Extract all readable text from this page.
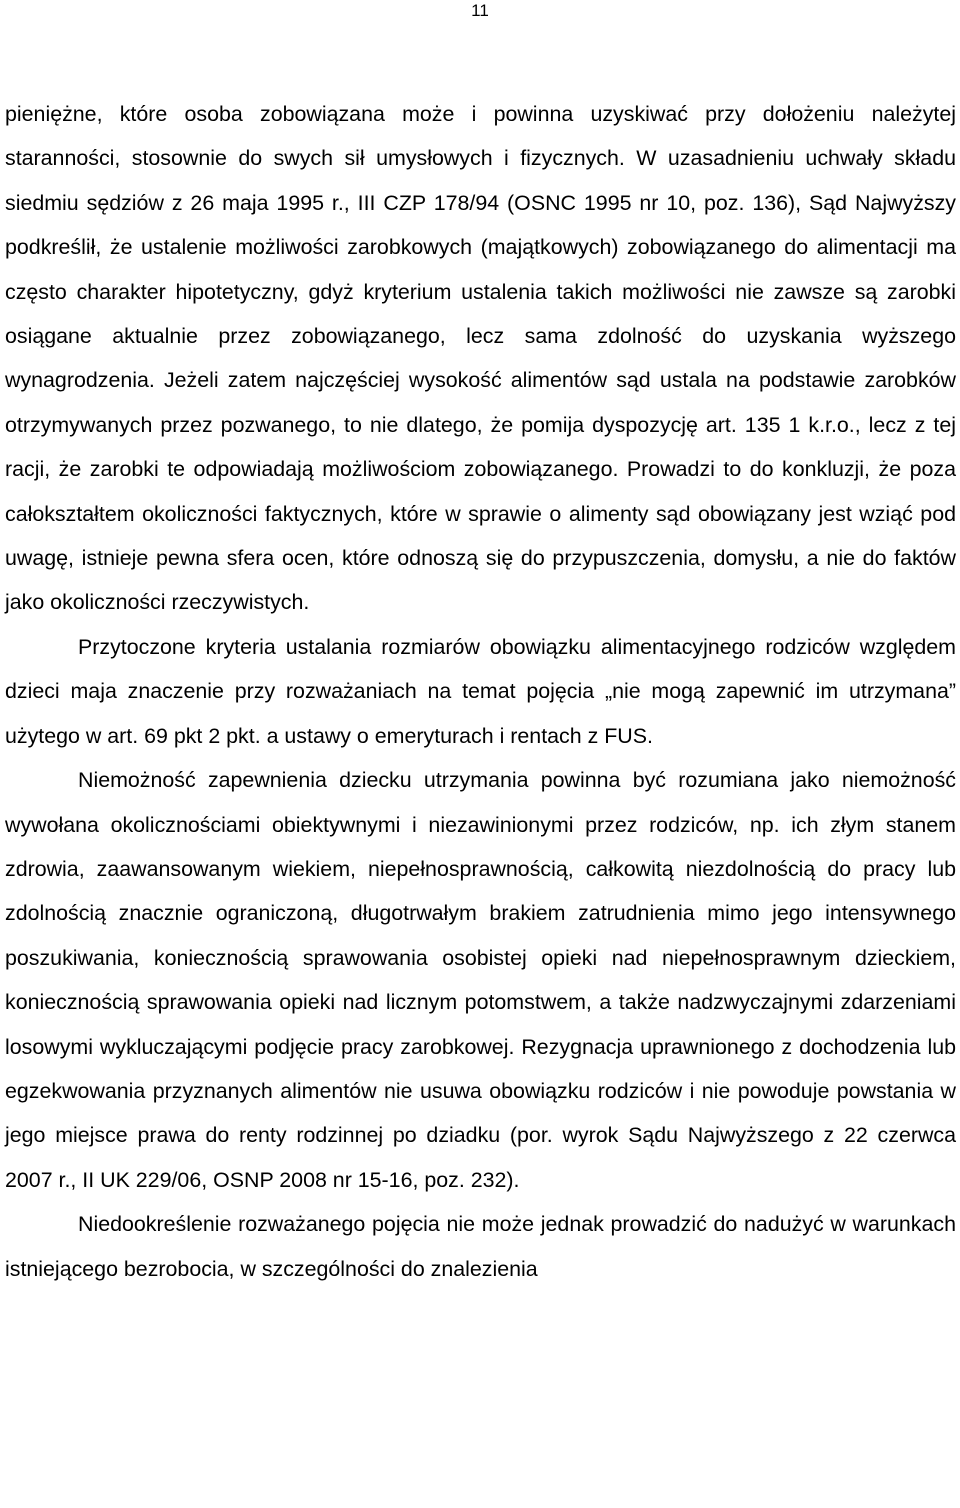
11

pieniężne, które osoba zobowiązana może i powinna uzyskiwać przy dołożeniu należytej staranności, stosownie do swych sił umysłowych i fizycznych. W uzasadnieniu uchwały składu siedmiu sędziów z 26 maja 1995 r., III CZP 178/94 (OSNC 1995 nr 10, poz. 136), Sąd Najwyższy podkreślił, że ustalenie możliwości zarobkowych (majątkowych) zobowiązanego do alimentacji ma często charakter hipotetyczny, gdyż kryterium ustalenia takich możliwości nie zawsze są zarobki osiągane aktualnie przez zobowiązanego, lecz sama zdolność do uzyskania wyższego wynagrodzenia. Jeżeli zatem najczęściej wysokość alimentów sąd ustala na podstawie zarobków otrzymywanych przez pozwanego, to nie dlatego, że pomija dyspozycję art. 135 1 k.r.o., lecz z tej racji, że zarobki te odpowiadają możliwościom zobowiązanego. Prowadzi to do konkluzji, że poza całokształtem okoliczności faktycznych, które w sprawie o alimenty sąd obowiązany jest wziąć pod uwagę, istnieje pewna sfera ocen, które odnoszą się do przypuszczenia, domysłu, a nie do faktów jako okoliczności rzeczywistych.

Przytoczone kryteria ustalania rozmiarów obowiązku alimentacyjnego rodziców względem dzieci maja znaczenie przy rozważaniach na temat pojęcia „nie mogą zapewnić im utrzymana” użytego w art. 69 pkt 2 pkt. a ustawy o emeryturach i rentach z FUS.

Niemożność zapewnienia dziecku utrzymania powinna być rozumiana jako niemożność wywołana okolicznościami obiektywnymi i niezawinionymi przez rodziców, np. ich złym stanem zdrowia, zaawansowanym wiekiem, niepełnosprawnością, całkowitą niezdolnością do pracy lub zdolnością znacznie ograniczoną, długotrwałym brakiem zatrudnienia mimo jego intensywnego poszukiwania, koniecznością sprawowania osobistej opieki nad niepełnosprawnym dzieckiem, koniecznością sprawowania opieki nad licznym potomstwem, a także nadzwyczajnymi zdarzeniami losowymi wykluczającymi podjęcie pracy zarobkowej. Rezygnacja uprawnionego z dochodzenia lub egzekwowania przyznanych alimentów nie usuwa obowiązku rodziców i nie powoduje powstania w jego miejsce prawa do renty rodzinnej po dziadku (por. wyrok Sądu Najwyższego z 22 czerwca 2007 r., II UK 229/06, OSNP 2008 nr 15-16, poz. 232).

Niedookreślenie rozważanego pojęcia nie może jednak prowadzić do nadużyć w warunkach istniejącego bezrobocia, w szczególności do znalezienia
